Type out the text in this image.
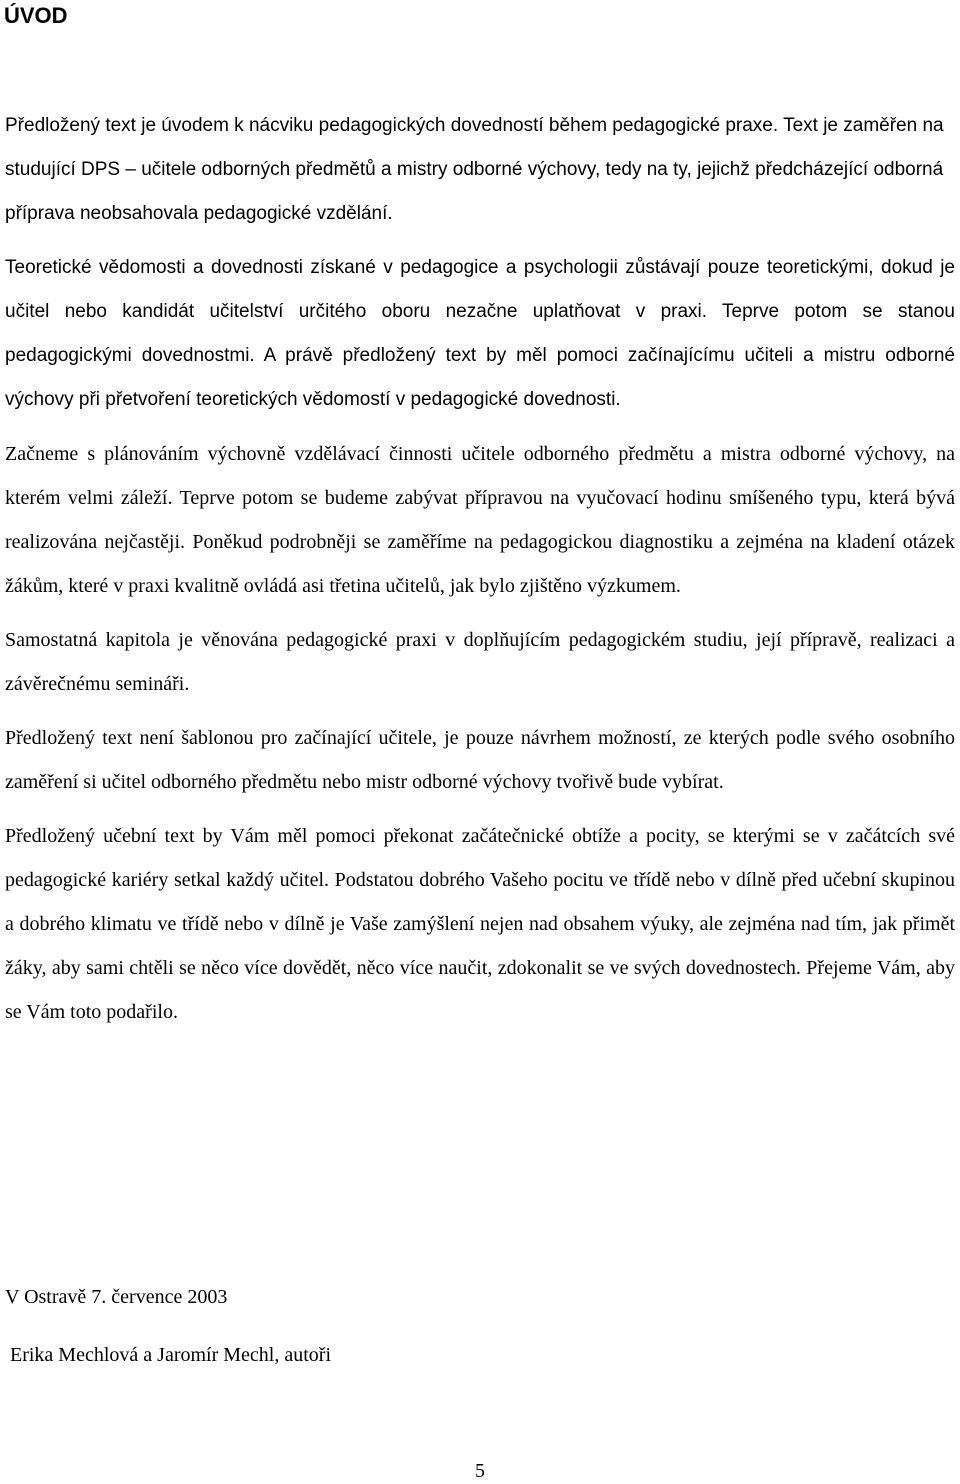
ÚVOD

Předložený text je úvodem k nácviku pedagogických dovedností během pedagogické praxe. Text je zaměřen na studující DPS – učitele odborných předmětů a mistry odborné výchovy, tedy na ty, jejichž předcházející odborná příprava neobsahovala pedagogické vzdělání.

Teoretické vědomosti a dovednosti získané v pedagogice a psychologii zůstávají pouze teoretickými, dokud je učitel nebo kandidát učitelství určitého oboru nezačne uplatňovat v praxi. Teprve potom se stanou pedagogickými dovednostmi. A právě předložený text by měl pomoci začínajícímu učiteli a mistru odborné výchovy při přetvoření teoretických vědomostí v pedagogické dovednosti.

Začneme s plánováním výchovně vzdělávací činnosti učitele odborného předmětu a mistra odborné výchovy, na kterém velmi záleží. Teprve potom se budeme zabývat přípravou na vyučovací hodinu smíšeného typu, která bývá realizována nejčastěji. Poněkud podrobněji se zaměříme na pedagogickou diagnostiku a zejména na kladení otázek žákům, které v praxi kvalitně ovládá asi třetina učitelů, jak bylo zjištěno výzkumem.

Samostatná kapitola je věnována pedagogické praxi v doplňujícím pedagogickém studiu, její přípravě, realizaci a závěrečnému semináři.

Předložený text není šablonou pro začínající učitele, je pouze návrhem možností, ze kterých podle svého osobního zaměření si učitel odborného předmětu nebo mistr odborné výchovy tvořivě bude vybírat.

Předložený učební text by Vám měl pomoci překonat začátečnické obtíže a pocity, se kterými se v začátcích své pedagogické kariéry setkal každý učitel. Podstatou dobrého Vašeho pocitu ve třídě nebo v dílně před učební skupinou a dobrého klimatu ve třídě nebo v dílně je Vaše zamýšlení nejen nad obsahem výuky, ale zejména nad tím, jak přimět žáky, aby sami chtěli se něco více dovědět, něco více naučit, zdokonalit se ve svých dovednostech. Přejeme Vám, aby se Vám toto podařilo.

V Ostravě 7. července 2003

Erika Mechlová a Jaromír Mechl, autoři

5
